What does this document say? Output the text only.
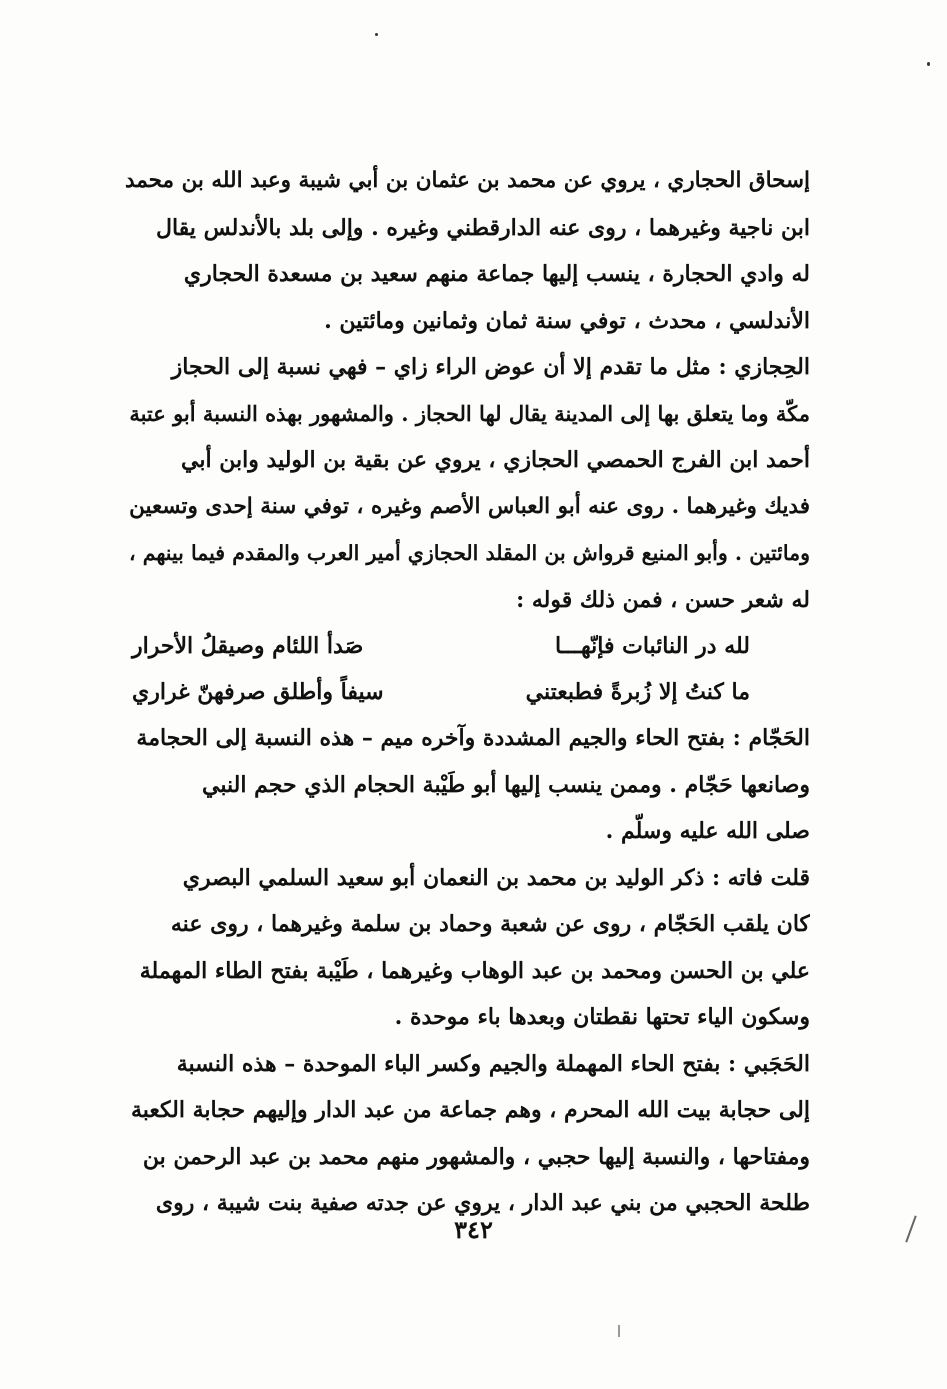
إسحاق الحجاري ، يروي عن محمد بن عثمان بن أبي شيبة وعبد الله بن محمد
ابن ناجية وغيرهما ، روى عنه الدارقطني وغيره . وإلى بلد بالأندلس يقال
له وادي الحجارة ، ينسب إليها جماعة منهم سعيد بن مسعدة الحجاري
الأندلسي ، محدث ، توفي سنة ثمان وثمانين ومائتين .
الحِجازي : مثل ما تقدم إلا أن عوض الراء زاي – فهي نسبة إلى الحجاز
مكّة وما يتعلق بها إلى المدينة يقال لها الحجاز . والمشهور بهذه النسبة أبو عتبة
أحمد ابن الفرج الحمصي الحجازي ، يروي عن بقية بن الوليد وابن أبي
فديك وغيرهما . روى عنه أبو العباس الأصم وغيره ، توفي سنة إحدى وتسعين
ومائتين . وأبو المنيع قرواش بن المقلد الحجازي أمير العرب والمقدم فيما بينهم ،
له شعر حسن ، فمن ذلك قوله :
لله در النائبات فإنّهـــا
صَدأ اللئام وصيقلُ الأحرار
ما كنتُ إلا زُبرةً فطبعتني
سيفاً وأطلق صرفهنّ غراري
الحَجّام : بفتح الحاء والجيم المشددة وآخره ميم – هذه النسبة إلى الحجامة
وصانعها حَجّام . وممن ينسب إليها أبو طَيْبة الحجام الذي حجم النبي
صلى الله عليه وسلّم .
قلت فاته : ذكر الوليد بن محمد بن النعمان أبو سعيد السلمي البصري
كان يلقب الحَجّام ، روى عن شعبة وحماد بن سلمة وغيرهما ، روى عنه
علي بن الحسن ومحمد بن عبد الوهاب وغيرهما ، طَيْبة بفتح الطاء المهملة
وسكون الياء تحتها نقطتان وبعدها باء موحدة .
الحَجَبي : بفتح الحاء المهملة والجيم وكسر الباء الموحدة – هذه النسبة
إلى حجابة بيت الله المحرم ، وهم جماعة من عبد الدار وإليهم حجابة الكعبة
ومفتاحها ، والنسبة إليها حجبي ، والمشهور منهم محمد بن عبد الرحمن بن
طلحة الحجبي من بني عبد الدار ، يروي عن جدته صفية بنت شيبة ، روى
٣٤٢
